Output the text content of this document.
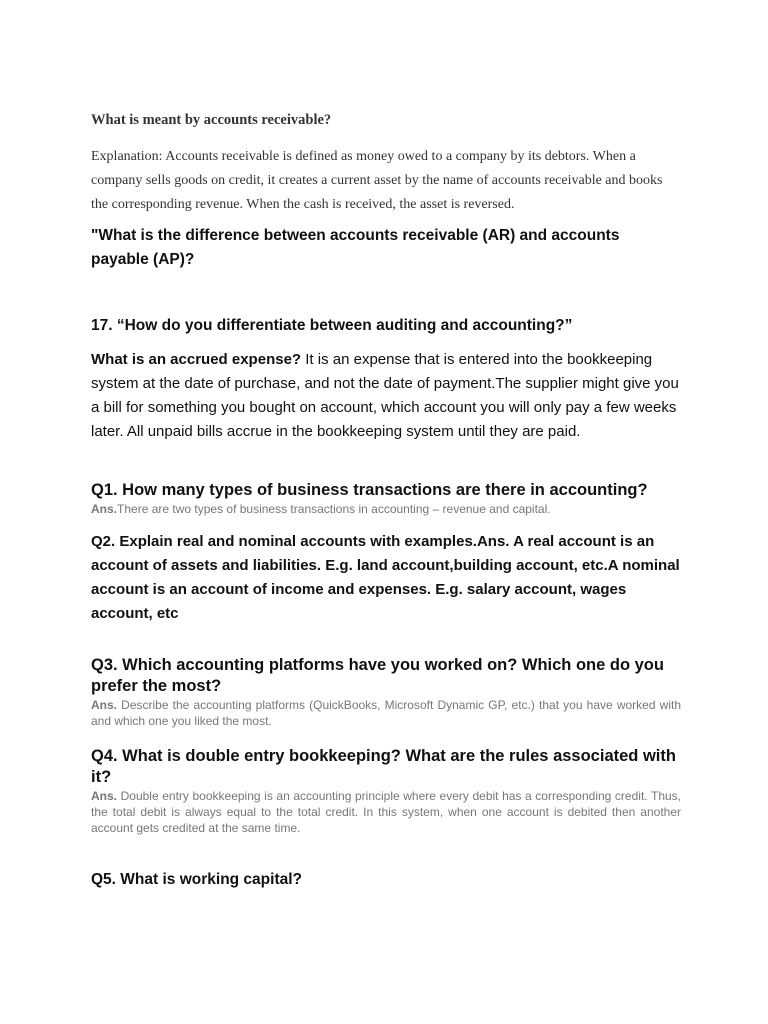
What is meant by accounts receivable?

Explanation: Accounts receivable is defined as money owed to a company by its debtors. When a company sells goods on credit, it creates a current asset by the name of accounts receivable and books the corresponding revenue. When the cash is received, the asset is reversed.

"What is the difference between accounts receivable (AR) and accounts payable (AP)?

17. “How do you differentiate between auditing and accounting?”

What is an accrued expense? It is an expense that is entered into the bookkeeping system at the date of purchase, and not the date of payment.The supplier might give you a bill for something you bought on account, which account you will only pay a few weeks later. All unpaid bills accrue in the bookkeeping system until they are paid.

Q1. How many types of business transactions are there in accounting?

Ans.There are two types of business transactions in accounting – revenue and capital.

Q2. Explain real and nominal accounts with examples.Ans. A real account is an account of assets and liabilities. E.g. land account,building account, etc.A nominal account is an account of income and expenses. E.g. salary account, wages account, etc

Q3. Which accounting platforms have you worked on? Which one do you prefer the most?

Ans. Describe the accounting platforms (QuickBooks, Microsoft Dynamic GP, etc.) that you have worked with and which one you liked the most.

Q4. What is double entry bookkeeping? What are the rules associated with it?

Ans. Double entry bookkeeping is an accounting principle where every debit has a corresponding credit. Thus, the total debit is always equal to the total credit. In this system, when one account is debited then another account gets credited at the same time.

Q5. What is working capital?
